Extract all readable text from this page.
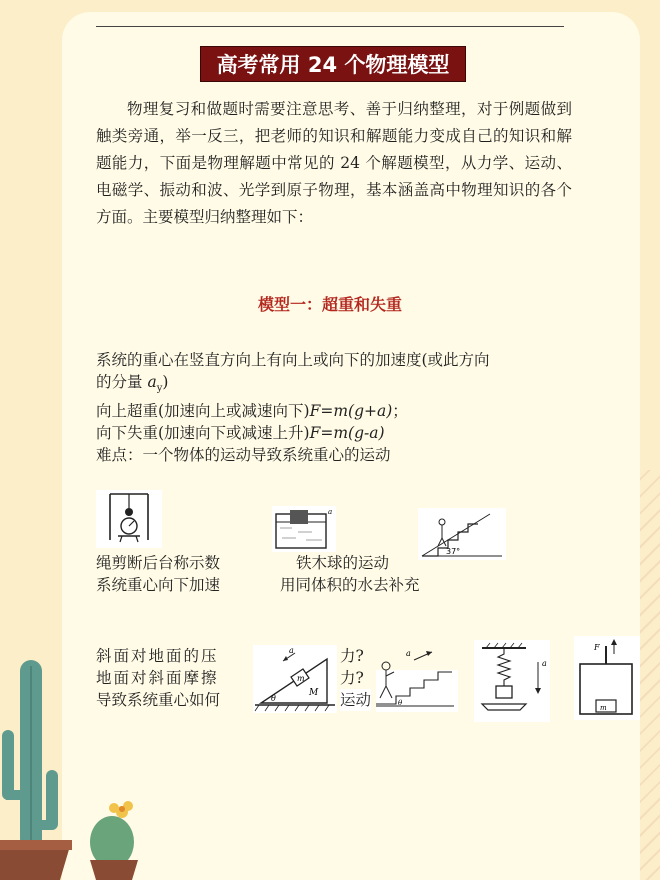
高考常用 24 个物理模型

物理复习和做题时需要注意思考、善于归纳整理，对于例题做到触类旁通，举一反三，把老师的知识和解题能力变成自己的知识和解题能力，下面是物理解题中常见的 24 个解题模型，从力学、运动、电磁学、振动和波、光学到原子物理，基本涵盖高中物理知识的各个方面。主要模型归纳整理如下：

模型一：超重和失重
系统的重心在竖直方向上有向上或向下的加速度(或此方向
的分量 $a_y$)
向上超重(加速向上或减速向下)F=m(g+a)；
向下失重(加速向下或减速上升)F=m(g-a)
难点：一个物体的运动导致系统重心的运动
a
37°
绳剪断后台称示数
系统重心向下加速
铁木球的运动
用同体积的水去补充
斜面对地面的压
地面对斜面摩擦
导致系统重心如何
a
m
M
θ
力?
力?
a
θ
运动
a
F
m
